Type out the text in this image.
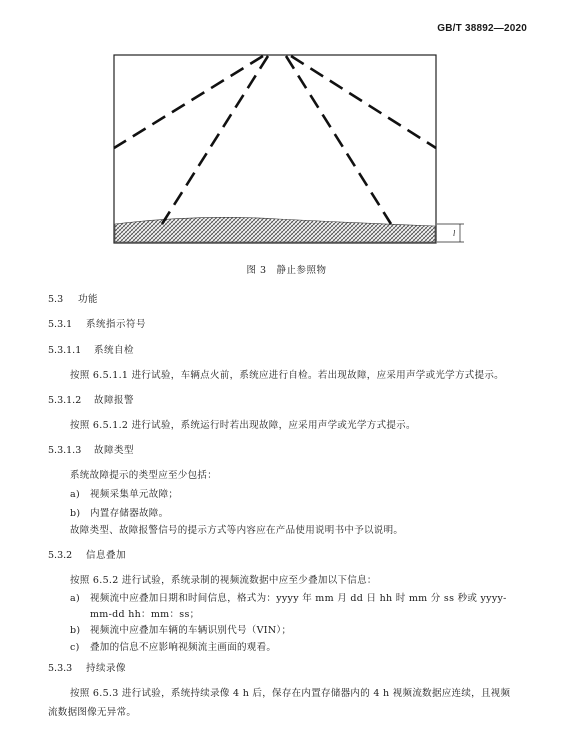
GB/T 38892—2020
l
图 3 静止参照物
5.3 功能
5.3.1 系统指示符号
5.3.1.1 系统自检
按照 6.5.1.1 进行试验，车辆点火前，系统应进行自检。若出现故障，应采用声学或光学方式提示。
5.3.1.2 故障报警
按照 6.5.1.2 进行试验，系统运行时若出现故障，应采用声学或光学方式提示。
5.3.1.3 故障类型
系统故障提示的类型应至少包括：
a) 视频采集单元故障；
b) 内置存储器故障。
故障类型、故障报警信号的提示方式等内容应在产品使用说明书中予以说明。
5.3.2 信息叠加
按照 6.5.2 进行试验，系统录制的视频流数据中应至少叠加以下信息：
a) 视频流中应叠加日期和时间信息，格式为：yyyy 年 mm 月 dd 日 hh 时 mm 分 ss 秒或 yyyy-
mm-dd hh：mm：ss；
b) 视频流中应叠加车辆的车辆识别代号（VIN）；
c) 叠加的信息不应影响视频流主画面的观看。
5.3.3 持续录像
按照 6.5.3 进行试验，系统持续录像 4 h 后，保存在内置存储器内的 4 h 视频流数据应连续，且视频
流数据图像无异常。
